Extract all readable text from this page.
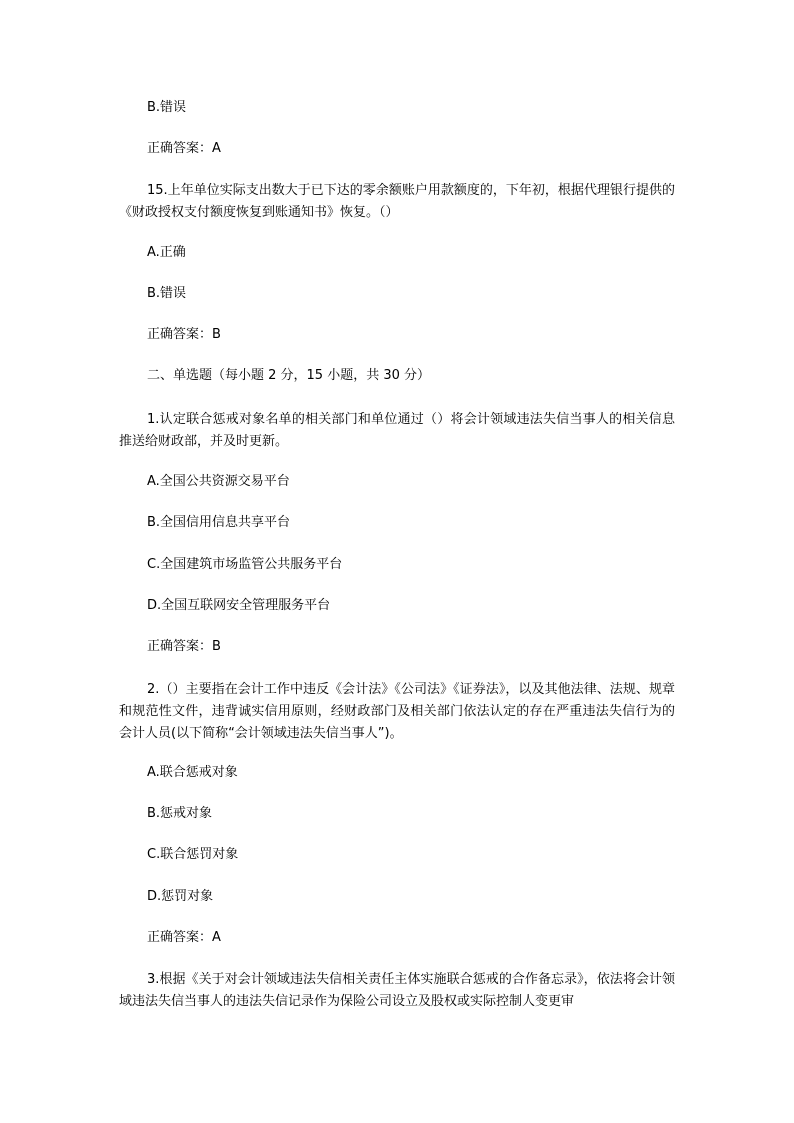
B.错误

正确答案：A

15.上年单位实际支出数大于已下达的零余额账户用款额度的，下年初，根据代理银行提供的《财政授权支付额度恢复到账通知书》恢复。（）

A.正确

B.错误

正确答案：B

二、单选题（每小题 2 分，15 小题，共 30 分）

1.认定联合惩戒对象名单的相关部门和单位通过（）将会计领域违法失信当事人的相关信息推送给财政部，并及时更新。

A.全国公共资源交易平台

B.全国信用信息共享平台

C.全国建筑市场监管公共服务平台

D.全国互联网安全管理服务平台

正确答案：B

2.（）主要指在会计工作中违反《会计法》《公司法》《证券法》，以及其他法律、法规、规章和规范性文件，违背诚实信用原则，经财政部门及相关部门依法认定的存在严重违法失信行为的会计人员(以下简称“会计领域违法失信当事人”)。

A.联合惩戒对象

B.惩戒对象

C.联合惩罚对象

D.惩罚对象

正确答案：A

3.根据《关于对会计领域违法失信相关责任主体实施联合惩戒的合作备忘录》，依法将会计领域违法失信当事人的违法失信记录作为保险公司设立及股权或实际控制人变更审
